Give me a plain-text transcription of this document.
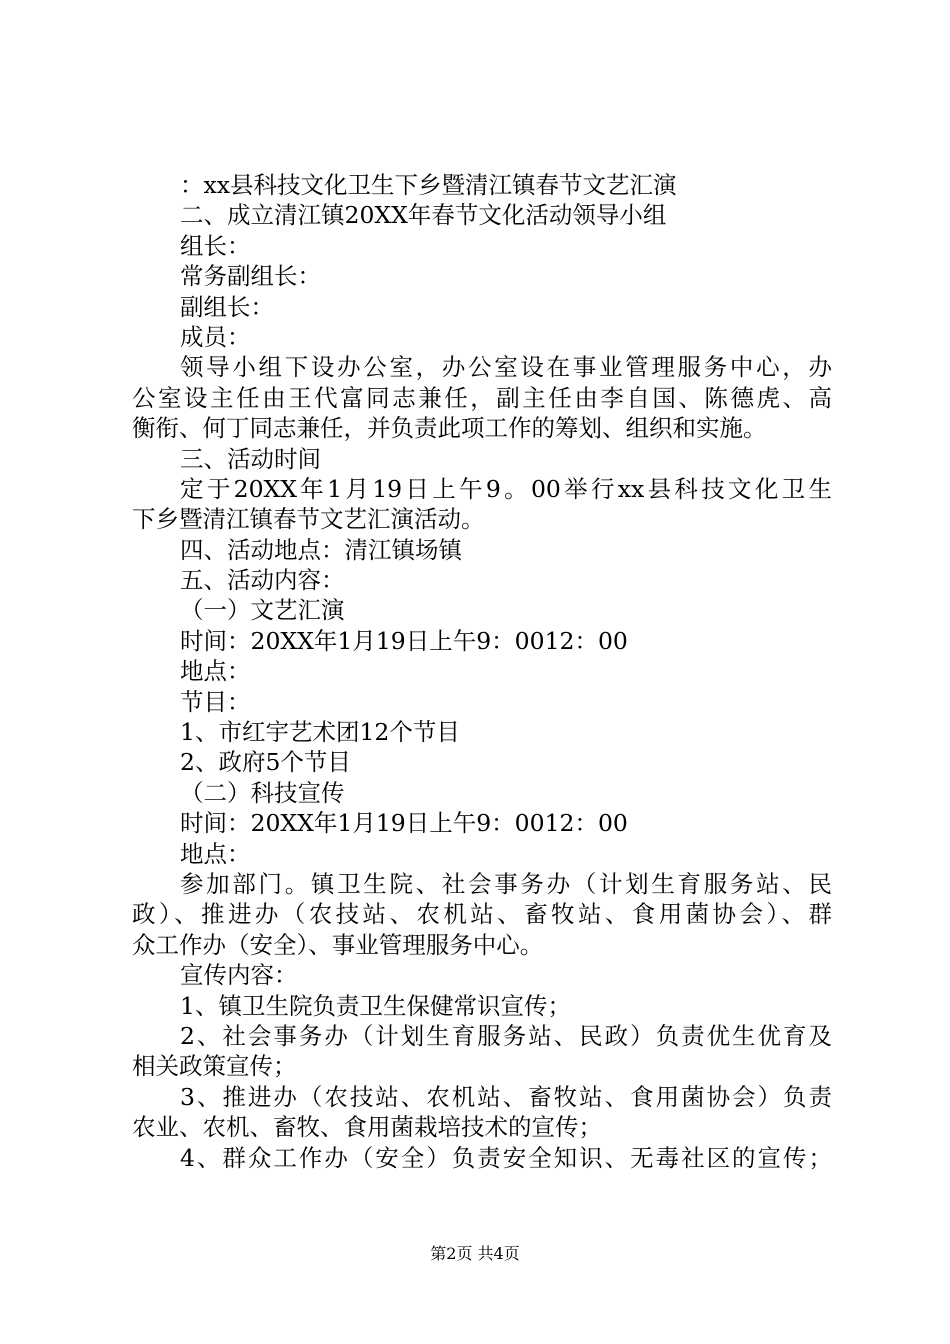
：xx县科技文化卫生下乡暨清江镇春节文艺汇演
二、成立清江镇20XX年春节文化活动领导小组
组长：
常务副组长：
副组长：
成员：
领导小组下设办公室，办公室设在事业管理服务中心，办
公室设主任由王代富同志兼任，副主任由李自国、陈德虎、高
衡衔、何丁同志兼任，并负责此项工作的筹划、组织和实施。
三、活动时间
定于20XX年1月19日上午9。00举行xx县科技文化卫生
下乡暨清江镇春节文艺汇演活动。
四、活动地点：清江镇场镇
五、活动内容：
（一）文艺汇演
时间：20XX年1月19日上午9：0012：00
地点：
节目：
1、市红宇艺术团12个节目
2、政府5个节目
（二）科技宣传
时间：20XX年1月19日上午9：0012：00
地点：
参加部门。镇卫生院、社会事务办（计划生育服务站、民
政）、推进办（农技站、农机站、畜牧站、食用菌协会）、群
众工作办（安全）、事业管理服务中心。
宣传内容：
1、镇卫生院负责卫生保健常识宣传；
2、社会事务办（计划生育服务站、民政）负责优生优育及
相关政策宣传；
3、推进办（农技站、农机站、畜牧站、食用菌协会）负责
农业、农机、畜牧、食用菌栽培技术的宣传；
4、群众工作办（安全）负责安全知识、无毒社区的宣传；
第2页 共4页
